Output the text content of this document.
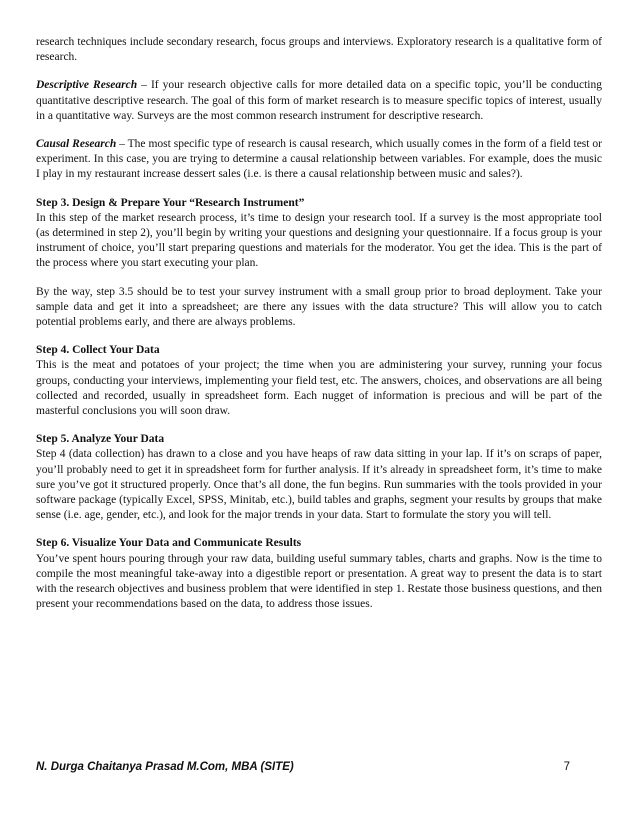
research techniques include secondary research, focus groups and interviews. Exploratory research is a qualitative form of research.

Descriptive Research – If your research objective calls for more detailed data on a specific topic, you’ll be conducting quantitative descriptive research. The goal of this form of market research is to measure specific topics of interest, usually in a quantitative way. Surveys are the most common research instrument for descriptive research.

Causal Research – The most specific type of research is causal research, which usually comes in the form of a field test or experiment. In this case, you are trying to determine a causal relationship between variables. For example, does the music I play in my restaurant increase dessert sales (i.e. is there a causal relationship between music and sales?).

Step 3. Design & Prepare Your “Research Instrument”
In this step of the market research process, it’s time to design your research tool. If a survey is the most appropriate tool (as determined in step 2), you’ll begin by writing your questions and designing your questionnaire. If a focus group is your instrument of choice, you’ll start preparing questions and materials for the moderator. You get the idea. This is the part of the process where you start executing your plan.

By the way, step 3.5 should be to test your survey instrument with a small group prior to broad deployment. Take your sample data and get it into a spreadsheet; are there any issues with the data structure? This will allow you to catch potential problems early, and there are always problems.

Step 4. Collect Your Data
This is the meat and potatoes of your project; the time when you are administering your survey, running your focus groups, conducting your interviews, implementing your field test, etc. The answers, choices, and observations are all being collected and recorded, usually in spreadsheet form. Each nugget of information is precious and will be part of the masterful conclusions you will soon draw.

Step 5. Analyze Your Data
Step 4 (data collection) has drawn to a close and you have heaps of raw data sitting in your lap. If it’s on scraps of paper, you’ll probably need to get it in spreadsheet form for further analysis. If it’s already in spreadsheet form, it’s time to make sure you’ve got it structured properly. Once that’s all done, the fun begins. Run summaries with the tools provided in your software package (typically Excel, SPSS, Minitab, etc.), build tables and graphs, segment your results by groups that make sense (i.e. age, gender, etc.), and look for the major trends in your data. Start to formulate the story you will tell.

Step 6. Visualize Your Data and Communicate Results
You’ve spent hours pouring through your raw data, building useful summary tables, charts and graphs. Now is the time to compile the most meaningful take-away into a digestible report or presentation. A great way to present the data is to start with the research objectives and business problem that were identified in step 1. Restate those business questions, and then present your recommendations based on the data, to address those issues.

N. Durga Chaitanya Prasad M.Com, MBA (SITE)	7
